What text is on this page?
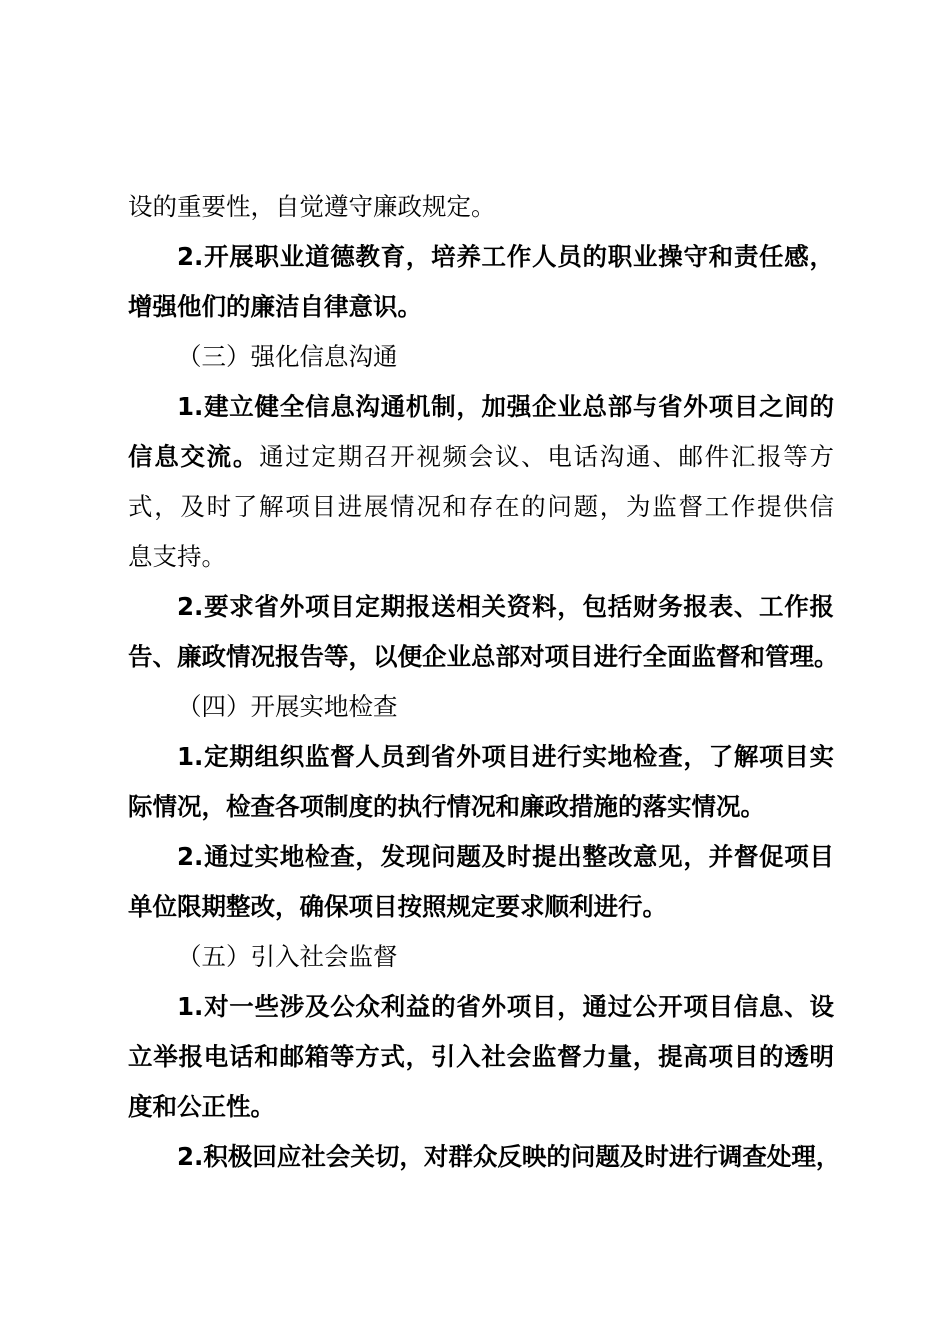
设的重要性，自觉遵守廉政规定。
2.开展职业道德教育，培养工作人员的职业操守和责任感，
增强他们的廉洁自律意识。
（三）强化信息沟通
1.建立健全信息沟通机制，加强企业总部与省外项目之间的
信息交流。通过定期召开视频会议、电话沟通、邮件汇报等方
式，及时了解项目进展情况和存在的问题，为监督工作提供信
息支持。
2.要求省外项目定期报送相关资料，包括财务报表、工作报
告、廉政情况报告等，以便企业总部对项目进行全面监督和管理。
（四）开展实地检查
1.定期组织监督人员到省外项目进行实地检查，了解项目实
际情况，检查各项制度的执行情况和廉政措施的落实情况。
2.通过实地检查，发现问题及时提出整改意见，并督促项目
单位限期整改，确保项目按照规定要求顺利进行。
（五）引入社会监督
1.对一些涉及公众利益的省外项目，通过公开项目信息、设
立举报电话和邮箱等方式，引入社会监督力量，提高项目的透明
度和公正性。
2.积极回应社会关切，对群众反映的问题及时进行调查处理，
